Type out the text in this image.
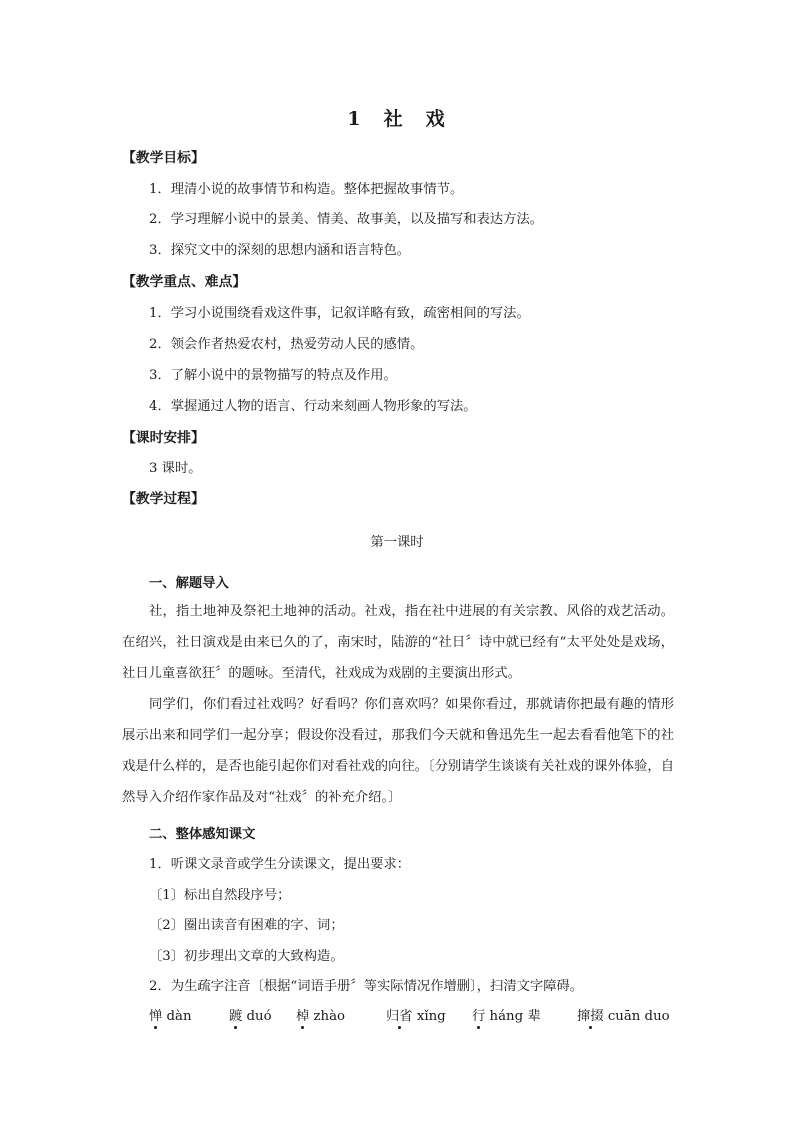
1　社　戏
【教学目标】
1．理清小说的故事情节和构造。整体把握故事情节。
2．学习理解小说中的景美、情美、故事美，以及描写和表达方法。
3．探究文中的深刻的思想内涵和语言特色。
【教学重点、难点】
1．学习小说围绕看戏这件事，记叙详略有致，疏密相间的写法。
2．领会作者热爱农村，热爱劳动人民的感情。
3．了解小说中的景物描写的特点及作用。
4．掌握通过人物的语言、行动来刻画人物形象的写法。
【课时安排】
3 课时。
【教学过程】
第一课时
一、解题导入
社，指土地神及祭祀土地神的活动。社戏，指在社中进展的有关宗教、风俗的戏艺活动。在绍兴，社日演戏是由来已久的了，南宋时，陆游的“社日〞诗中就已经有“太平处处是戏场，社日儿童喜欲狂〞的题咏。至清代，社戏成为戏剧的主要演出形式。
同学们，你们看过社戏吗？好看吗？你们喜欢吗？如果你看过，那就请你把最有趣的情形展示出来和同学们一起分享；假设你没看过，那我们今天就和鲁迅先生一起去看看他笔下的社戏是什么样的，是否也能引起你们对看社戏的向往。〔分别请学生谈谈有关社戏的课外体验，自然导入介绍作家作品及对“社戏〞的补充介绍。〕
二、整体感知课文
1．听课文录音或学生分读课文，提出要求：
〔1〕标出自然段序号；
〔2〕圈出读音有困难的字、词；
〔3〕初步理出文章的大致构造。
2．为生疏字注音〔根据“词语手册〞等实际情况作增删〕，扫清文字障碍。
惮 dàn	踱 duó 棹 zhào	归省 xǐng 行 háng 辈	撺掇 cuān duo
